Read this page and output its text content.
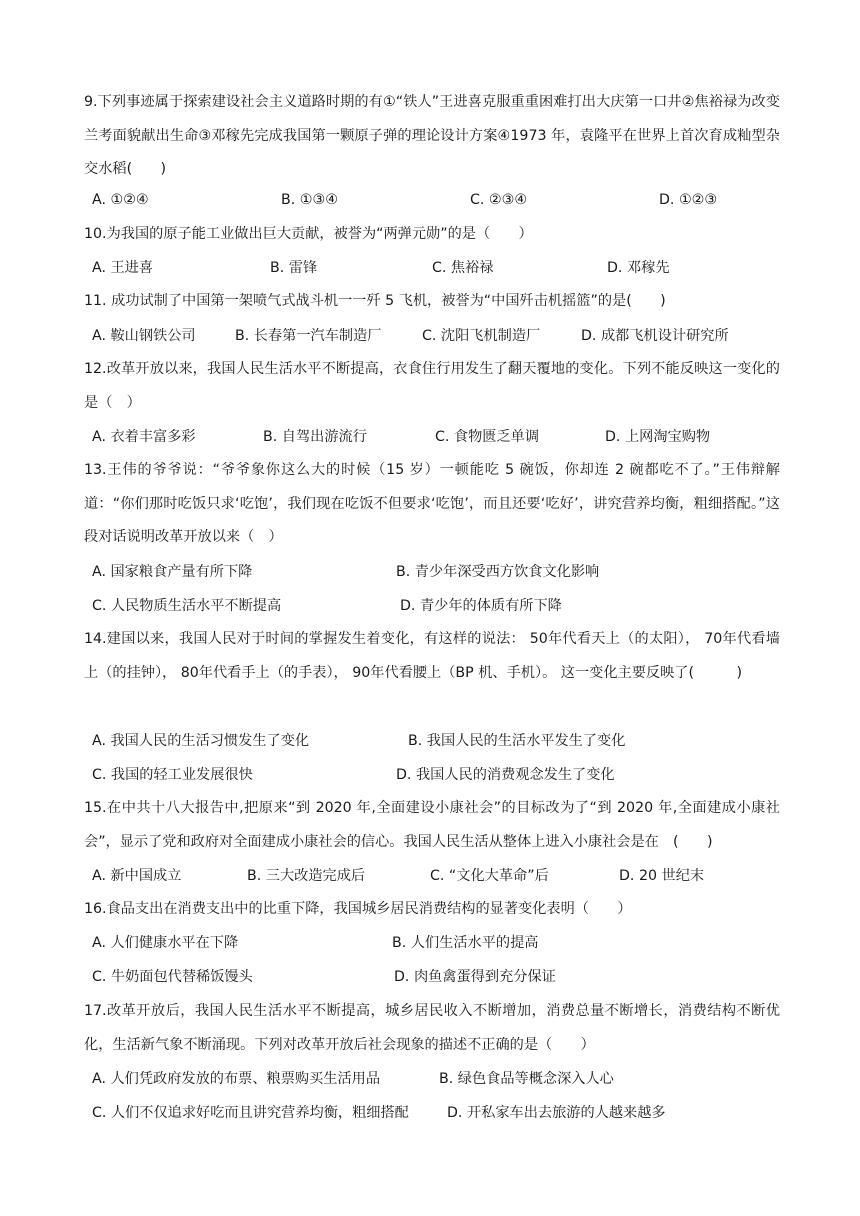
9.下列事迹属于探索建设社会主义道路时期的有①“铁人”王进喜克服重重困难打出大庆第一口井②焦裕禄为改变兰考面貌献出生命③邓稼先完成我国第一颗原子弹的理论设计方案④1973 年，袁隆平在世界上首次育成籼型杂交水稻(　　)
A. ①②④	B. ①③④	C. ②③④	D. ①②③
10.为我国的原子能工业做出巨大贡献，被誉为“两弹元勋”的是（　　）
A. 王进喜	B. 雷锋	C. 焦裕禄	D. 邓稼先
11. 成功试制了中国第一架喷气式战斗机一一歼 5 飞机，被誉为“中国歼击机摇篮”的是(　　)
A. 鞍山钢铁公司	B. 长春第一汽车制造厂	C. 沈阳飞机制造厂	D. 成都飞机设计研究所
12.改革开放以来，我国人民生活水平不断提高，衣食住行用发生了翻天覆地的变化。下列不能反映这一变化的是（　）
A. 衣着丰富多彩	B. 自驾出游流行	C. 食物匮乏单调	D. 上网淘宝购物
13.王伟的爷爷说：“爷爷象你这么大的时候（15 岁）一顿能吃 5 碗饭，你却连 2 碗都吃不了。”王伟辩解道：“你们那时吃饭只求‘吃饱’，我们现在吃饭不但要求‘吃饱’，而且还要‘吃好’，讲究营养均衡，粗细搭配。”这段对话说明改革开放以来（　）
A. 国家粮食产量有所下降	B. 青少年深受西方饮食文化影响
C. 人民物质生活水平不断提高	D. 青少年的体质有所下降
14.建国以来，我国人民对于时间的掌握发生着变化，有这样的说法： 50年代看天上（的太阳）， 70年代看墙上（的挂钟）， 80年代看手上（的手表）， 90年代看腰上（BP 机、手机）。 这一变化主要反映了(　　　)
A. 我国人民的生活习惯发生了变化	B. 我国人民的生活水平发生了变化
C. 我国的轻工业发展很快	D. 我国人民的消费观念发生了变化
15.在中共十八大报告中,把原来“到 2020 年,全面建设小康社会”的目标改为了“到 2020 年,全面建成小康社会”，显示了党和政府对全面建成小康社会的信心。我国人民生活从整体上进入小康社会是在　(　　)
A. 新中国成立	B. 三大改造完成后	C. “文化大革命”后	D. 20 世纪末
16.食品支出在消费支出中的比重下降，我国城乡居民消费结构的显著变化表明（　　）
A. 人们健康水平在下降	B. 人们生活水平的提高
C. 牛奶面包代替稀饭馒头	D. 肉鱼禽蛋得到充分保证
17.改革开放后，我国人民生活水平不断提高，城乡居民收入不断增加，消费总量不断增长，消费结构不断优化，生活新气象不断涌现。下列对改革开放后社会现象的描述不正确的是（　　）
A. 人们凭政府发放的布票、粮票购买生活用品	B. 绿色食品等概念深入人心
C. 人们不仅追求好吃而且讲究营养均衡，粗细搭配	D. 开私家车出去旅游的人越来越多
